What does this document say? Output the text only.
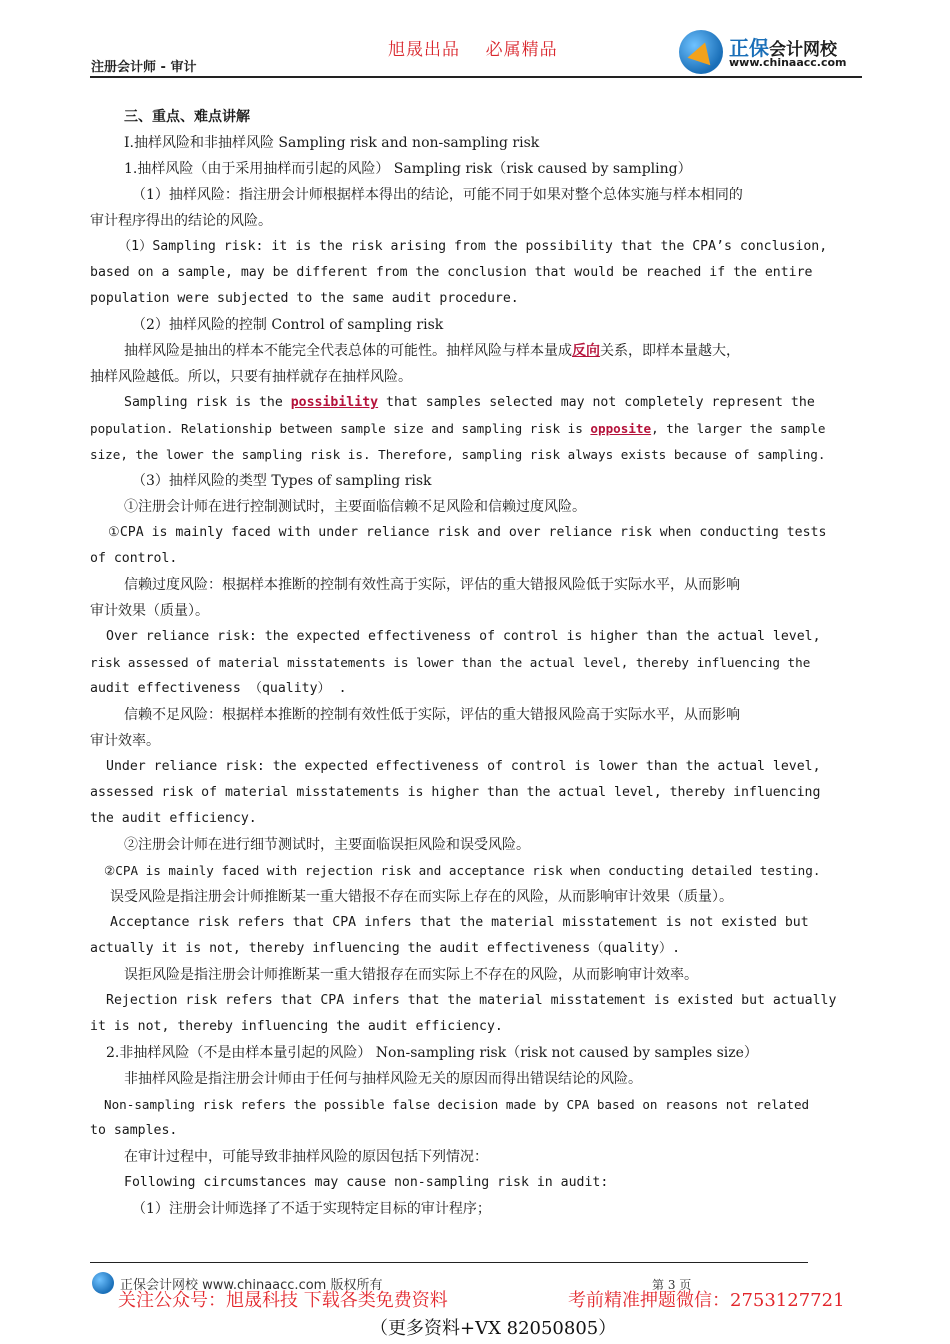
注册会计师 - 审计
旭晟出品    必属精品	正保会计网校
www.chinaacc.com
三、重点、难点讲解
I.抽样风险和非抽样风险 Sampling risk and non-sampling risk
1.抽样风险（由于采用抽样而引起的风险） Sampling risk（risk caused by sampling）
（1）抽样风险：指注册会计师根据样本得出的结论，可能不同于如果对整个总体实施与样本相同的
审计程序得出的结论的风险。
（1）Sampling risk: it is the risk arising from the possibility that the CPA’s conclusion,
based on a sample, may be different from the conclusion that would be reached if the entire
population were subjected to the same audit procedure.
（2）抽样风险的控制 Control of sampling risk
抽样风险是抽出的样本不能完全代表总体的可能性。抽样风险与样本量成反向关系，即样本量越大，
抽样风险越低。所以，只要有抽样就存在抽样风险。
Sampling risk is the possibility that samples selected may not completely represent the
population. Relationship between sample size and sampling risk is opposite, the larger the sample
size, the lower the sampling risk is. Therefore, sampling risk always exists because of sampling.
（3）抽样风险的类型 Types of sampling risk
①注册会计师在进行控制测试时，主要面临信赖不足风险和信赖过度风险。
①CPA is mainly faced with under reliance risk and over reliance risk when conducting tests
of control.
信赖过度风险：根据样本推断的控制有效性高于实际，评估的重大错报风险低于实际水平，从而影响
审计效果（质量）。
Over reliance risk: the expected effectiveness of control is higher than the actual level,
risk assessed of material misstatements is lower than the actual level, thereby influencing the
audit effectiveness （quality） .
信赖不足风险：根据样本推断的控制有效性低于实际，评估的重大错报风险高于实际水平，从而影响
审计效率。
Under reliance risk: the expected effectiveness of control is lower than the actual level,
assessed risk of material misstatements is higher than the actual level, thereby influencing
the audit efficiency.
②注册会计师在进行细节测试时，主要面临误拒风险和误受风险。
②CPA is mainly faced with rejection risk and acceptance risk when conducting detailed testing.
误受风险是指注册会计师推断某一重大错报不存在而实际上存在的风险，从而影响审计效果（质量）。
Acceptance risk refers that CPA infers that the material misstatement is not existed but
actually it is not, thereby influencing the audit effectiveness（quality）.
误拒风险是指注册会计师推断某一重大错报存在而实际上不存在的风险，从而影响审计效率。
Rejection risk refers that CPA infers that the material misstatement is existed but actually
it is not, thereby influencing the audit efficiency.
2.非抽样风险（不是由样本量引起的风险） Non-sampling risk（risk not caused by samples size）
非抽样风险是指注册会计师由于任何与抽样风险无关的原因而得出错误结论的风险。
Non-sampling risk refers the possible false decision made by CPA based on reasons not related
to samples.
在审计过程中，可能导致非抽样风险的原因包括下列情况：
Following circumstances may cause non-sampling risk in audit:
（1）注册会计师选择了不适于实现特定目标的审计程序；
正保会计网校 www.chinaacc.com 版权所有	第 3 页
关注公众号：旭晟科技 下载各类免费资料	考前精准押题微信：2753127721
（更多资料+VX 82050805）
